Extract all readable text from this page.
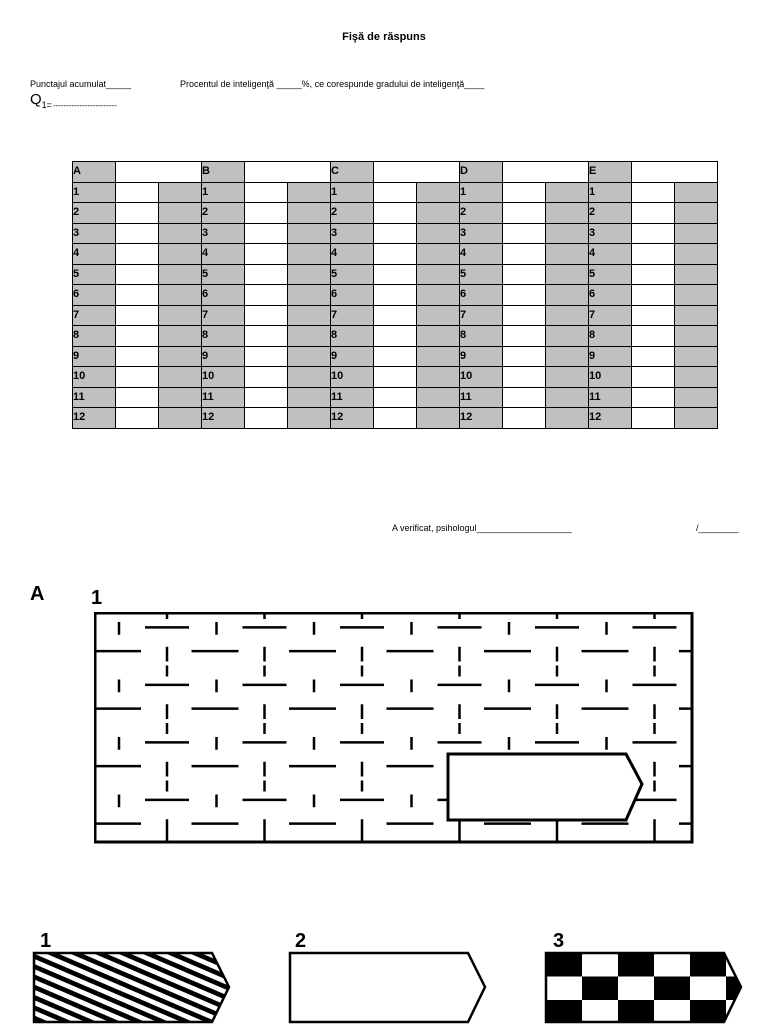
Fişă de răspuns
Punctajul acumulat_____	Procentul de inteligenţă _____%, ce corespunde gradului de inteligenţă____
$Q_{1=------------------------}$
A			B			C			D			E		
1			1			1			1			1		
2			2			2			2			2		
3			3			3			3			3		
4			4			4			4			4		
5			5			5			5			5		
6			6			6			6			6		
7			7			7			7			7		
8			8			8			8			8		
9			9			9			9			9		
10			10			10			10			10		
11			11			11			11			11		
12			12			12			12			12		
A verificat, psihologul___________________	/________
A 1
1	2	3
